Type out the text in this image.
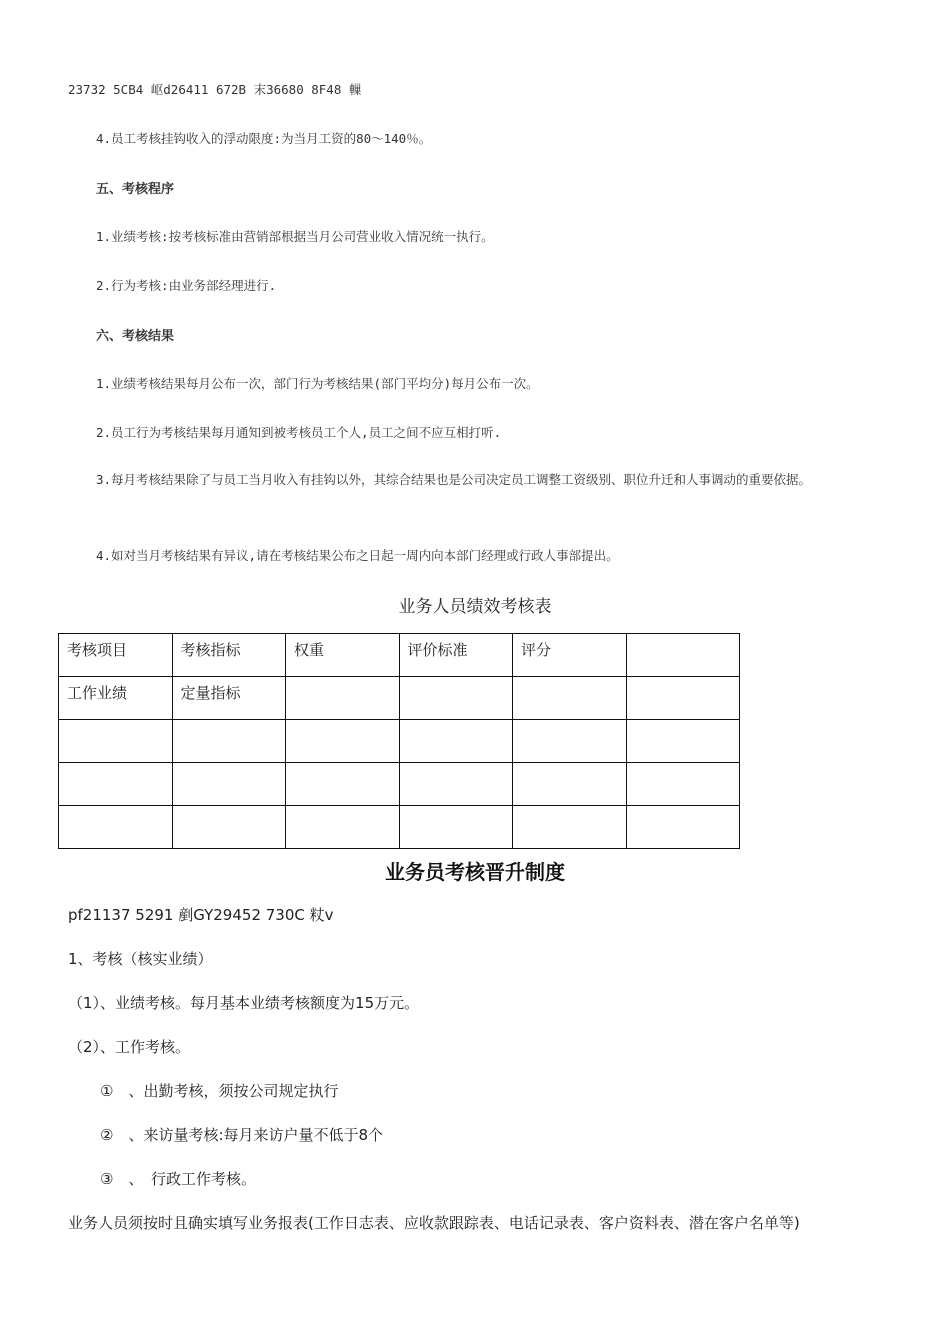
23732 5CB4 岖d26411 672B 末36680 8F48 轈
4.员工考核挂钩收入的浮动限度:为当月工资的80～140％。
五、考核程序
1.业绩考核:按考核标准由营销部根据当月公司营业收入情况统一执行。
2.行为考核:由业务部经理进行.
六、考核结果
1.业绩考核结果每月公布一次，部门行为考核结果(部门平均分)每月公布一次。
2.员工行为考核结果每月通知到被考核员工个人,员工之间不应互相打听.
3.每月考核结果除了与员工当月收入有挂钩以外，其综合结果也是公司决定员工调整工资级别、职位升迁和人事调动的重要依据。
4.如对当月考核结果有异议,请在考核结果公布之日起一周内向本部门经理或行政人事部提出。
业务人员绩效考核表
考核项目	考核指标	权重	评价标准	评分	
工作业绩	定量指标				

业务员考核晋升制度
pf21137 5291 剷GY29452 730C 粀v
1、考核（核实业绩）
（1）、业绩考核。每月基本业绩考核额度为15万元。
（2）、工作考核。
①　、出勤考核，须按公司规定执行
②　、来访量考核:每月来访户量不低于8个
③　、　行政工作考核。
业务人员须按时且确实填写业务报表(工作日志表、应收款跟踪表、电话记录表、客户资料表、潜在客户名单等)
